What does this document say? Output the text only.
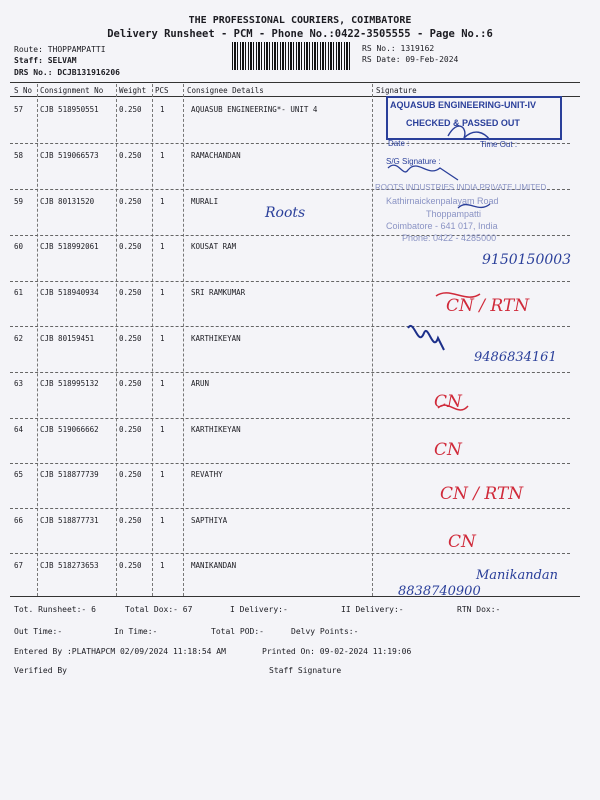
THE PROFESSIONAL COURIERS, COIMBATORE
Delivery Runsheet - PCM - Phone No.:0422-3505555 - Page No.:6
Route: THOPPAMPATTI
Staff: SELVAM
DRS No.: DCJB131916206
RS No.: 1319162
RS Date: 09-Feb-2024
S No Consignment No Weight PCS Consignee Details	Signature
57 CJB 518950551	0.250 1	AQUASUB ENGINEERING*- UNIT 4
58 CJB 519066573	0.250 1	RAMACHANDAN
59 CJB 80131520	0.250 1	MURALI
60 CJB 518992061	0.250 1	KOUSAT RAM
61 CJB 518940934	0.250 1	SRI RAMKUMAR
62 CJB 80159451	0.250 1	KARTHIKEYAN
63 CJB 518995132	0.250 1	ARUN
64 CJB 519066662	0.250 1	KARTHIKEYAN
65 CJB 518877739	0.250 1	REVATHY
66 CJB 518877731	0.250 1	SAPTHIYA
67 CJB 518273653	0.250 1	MANIKANDAN
AQUASUB ENGINEERING-UNIT-IV
CHECKED & PASSED OUT
Date :	Time Out :
S/G Signature :
ROOTS INDUSTRIES INDIA PRIVATE LIMITED
Kathirnaickenpalayam Road
Thoppampatti
Coimbatore - 641 017, India
Phone: 0422 - 4285000
Roots
9150150003
CN / RTN
9486834161
CN
CN
CN / RTN
CN
Manikandan
8838740900
Tot. Runsheet:- 6	Total Dox:- 67	I Delivery:-	II Delivery:-	RTN Dox:-
Out Time:-	In Time:-	Total POD:-	Delvy Points:-
Entered By :PLATHAPCM 02/09/2024 11:18:54 AM	Printed On: 09-02-2024 11:19:06
Verified By	Staff Signature
